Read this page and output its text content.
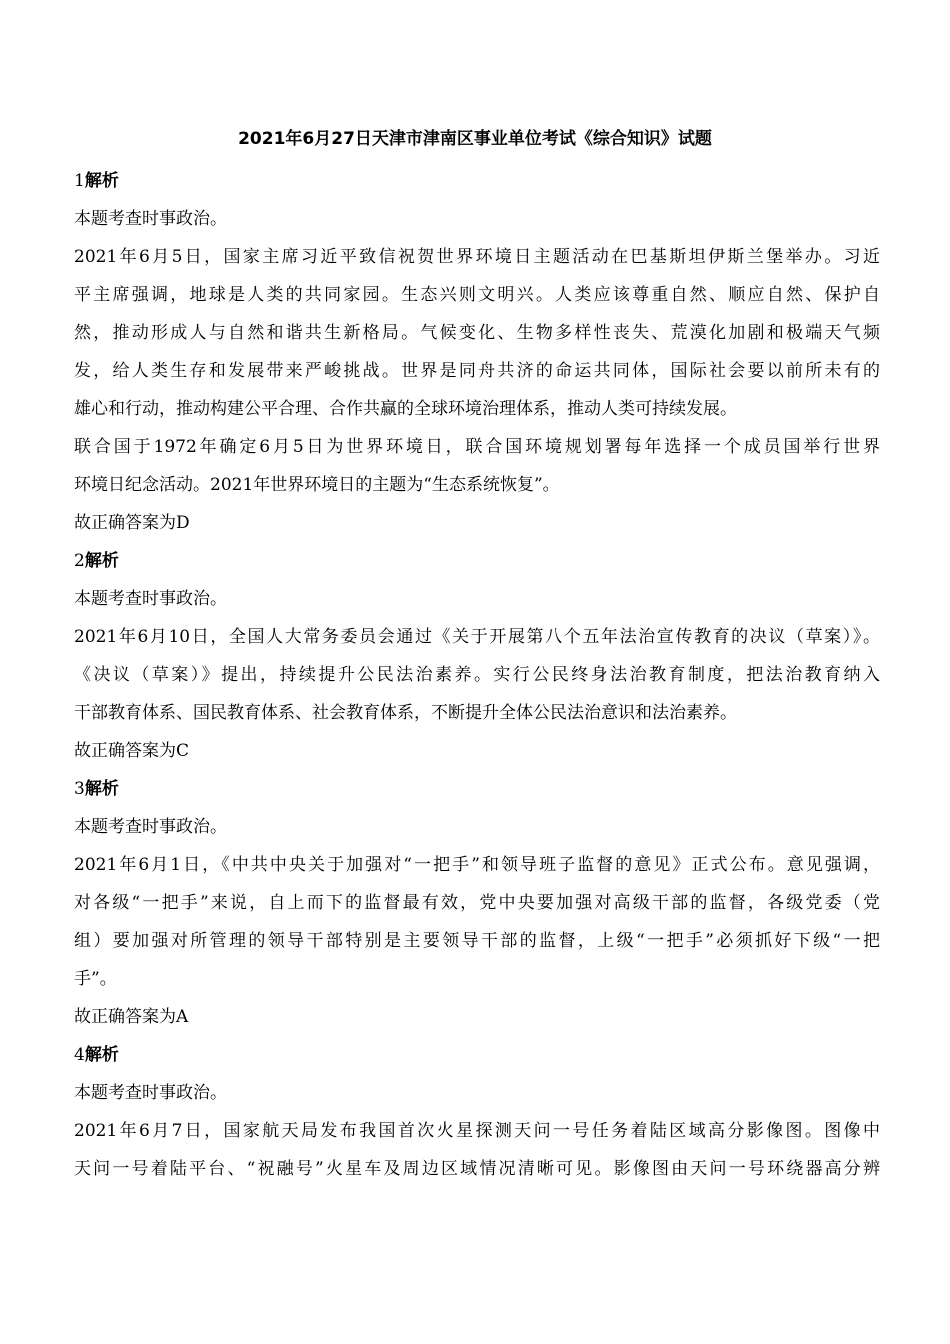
2021年6月27日天津市津南区事业单位考试《综合知识》试题

1解析

本题考查时事政治。

2021年6月5日，国家主席习近平致信祝贺世界环境日主题活动在巴基斯坦伊斯兰堡举办。习近

平主席强调，地球是人类的共同家园。生态兴则文明兴。人类应该尊重自然、顺应自然、保护自

然，推动形成人与自然和谐共生新格局。气候变化、生物多样性丧失、荒漠化加剧和极端天气频

发，给人类生存和发展带来严峻挑战。世界是同舟共济的命运共同体，国际社会要以前所未有的

雄心和行动，推动构建公平合理、合作共赢的全球环境治理体系，推动人类可持续发展。

联合国于1972年确定6月5日为世界环境日，联合国环境规划署每年选择一个成员国举行世界

环境日纪念活动。2021年世界环境日的主题为“生态系统恢复”。

故正确答案为D

2解析

本题考查时事政治。

2021年6月10日，全国人大常务委员会通过《关于开展第八个五年法治宣传教育的决议（草案）》。

《决议（草案）》提出，持续提升公民法治素养。实行公民终身法治教育制度，把法治教育纳入

干部教育体系、国民教育体系、社会教育体系，不断提升全体公民法治意识和法治素养。

故正确答案为C

3解析

本题考查时事政治。

2021年6月1日，《中共中央关于加强对“一把手”和领导班子监督的意见》正式公布。意见强调，

对各级“一把手”来说，自上而下的监督最有效，党中央要加强对高级干部的监督，各级党委（党

组）要加强对所管理的领导干部特别是主要领导干部的监督，上级“一把手”必须抓好下级“一把

手”。

故正确答案为A

4解析

本题考查时事政治。

2021年6月7日，国家航天局发布我国首次火星探测天问一号任务着陆区域高分影像图。图像中

天问一号着陆平台、“祝融号”火星车及周边区域情况清晰可见。影像图由天问一号环绕器高分辨
